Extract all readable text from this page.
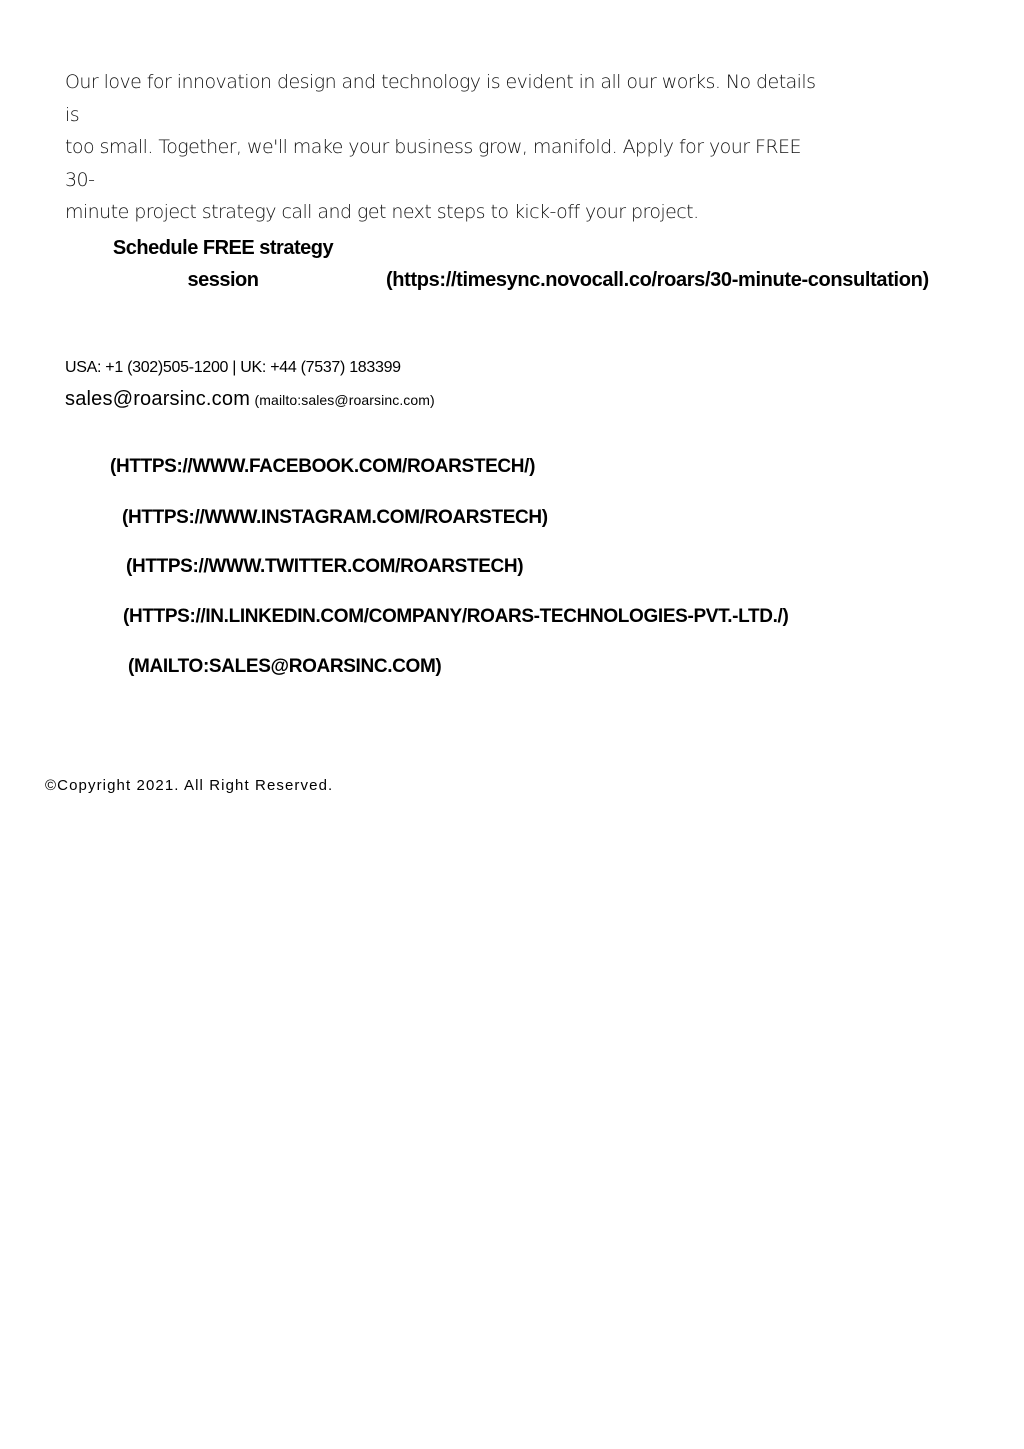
Our love for innovation design and technology is evident in all our works. No details is
too small. Together, we'll make your business grow, manifold. Apply for your FREE 30-
minute project strategy call and get next steps to kick-off your project.

Schedule FREE strategy
session	(https://timesync.novocall.co/roars/30-minute-consultation)

USA: +1 (302)505-1200 | UK: +44 (7537) 183399

sales@roarsinc.com (mailto:sales@roarsinc.com)

(HTTPS://WWW.FACEBOOK.COM/ROARSTECH/)
(HTTPS://WWW.INSTAGRAM.COM/ROARSTECH)
(HTTPS://WWW.TWITTER.COM/ROARSTECH)
(HTTPS://IN.LINKEDIN.COM/COMPANY/ROARS-TECHNOLOGIES-PVT.-LTD./)
(MAILTO:SALES@ROARSINC.COM)

©Copyright 2021. All Right Reserved.
